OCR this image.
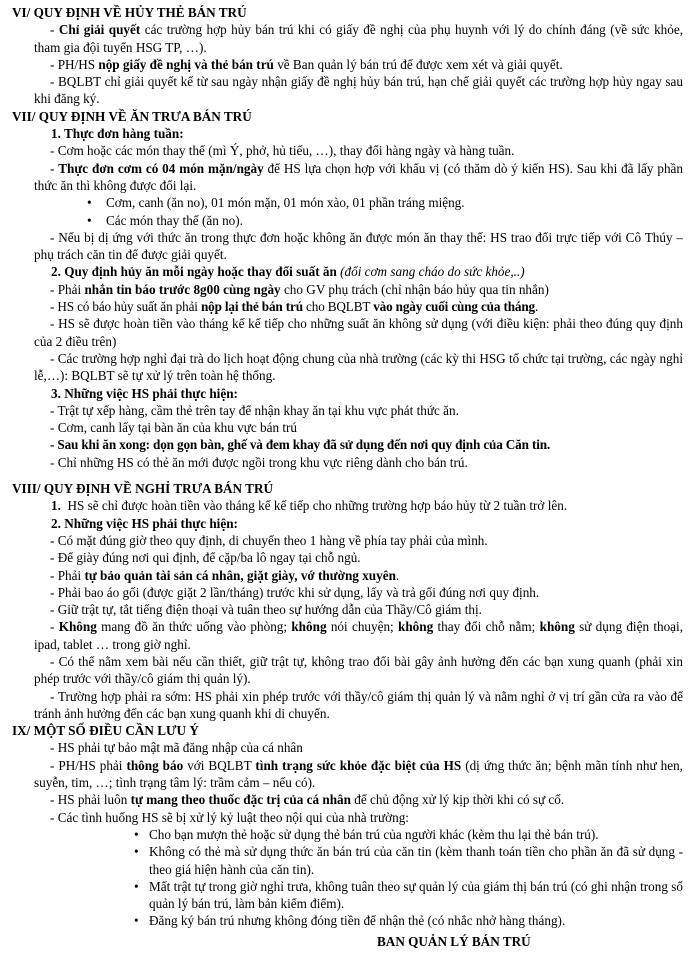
VI/ QUY ĐỊNH VỀ HỦY THẺ BÁN TRÚ
- Chỉ giải quyết các trường hợp hủy bán trú khi có giấy đề nghị của phụ huynh với lý do chính đáng (về sức khỏe, tham gia đội tuyển HSG TP, …).
- PH/HS nộp giấy đề nghị và thẻ bán trú về Ban quản lý bán trú để được xem xét và giải quyết.
- BQLBT chỉ giải quyết kể từ sau ngày nhận giấy đề nghị hủy bán trú, hạn chế giải quyết các trường hợp hủy ngay sau khi đăng ký.
VII/ QUY ĐỊNH VỀ ĂN TRƯA BÁN TRÚ
1. Thực đơn hàng tuần:
- Cơm hoặc các món thay thế (mì Ý, phở, hủ tiếu, …), thay đổi hàng ngày và hàng tuần.
- Thực đơn cơm có 04 món mặn/ngày để HS lựa chọn hợp với khẩu vị (có thăm dò ý kiến HS). Sau khi đã lấy phần thức ăn thì không được đổi lại.
• Cơm, canh (ăn no), 01 món mặn, 01 món xào, 01 phần tráng miệng.
• Các món thay thế (ăn no).
- Nếu bị dị ứng với thức ăn trong thực đơn hoặc không ăn được món ăn thay thế: HS trao đổi trực tiếp với Cô Thúy – phụ trách căn tin để được giải quyết.
2. Quy định hủy ăn mỗi ngày hoặc thay đổi suất ăn (đổi cơm sang cháo do sức khỏe,..)
- Phải nhắn tin báo trước 8g00 cùng ngày cho GV phụ trách (chỉ nhận báo hủy qua tin nhắn)
- HS có báo hủy suất ăn phải nộp lại thẻ bán trú cho BQLBT vào ngày cuối cùng của tháng.
- HS sẽ được hoàn tiền vào tháng kế kế tiếp cho những suất ăn không sử dụng (với điều kiện: phải theo đúng quy định của 2 điều trên)
- Các trường hợp nghỉ đại trà do lịch hoạt động chung của nhà trường (các kỳ thi HSG tổ chức tại trường, các ngày nghỉ lễ,…): BQLBT sẽ tự xử lý trên toàn hệ thống.
3. Những việc HS phải thực hiện:
- Trật tự xếp hàng, cầm thẻ trên tay để nhận khay ăn tại khu vực phát thức ăn.
- Cơm, canh lấy tại bàn ăn của khu vực bán trú
- Sau khi ăn xong: dọn gọn bàn, ghế và đem khay đã sử dụng đến nơi quy định của Căn tin.
- Chỉ những HS có thẻ ăn mới được ngồi trong khu vực riêng dành cho bán trú.
VIII/ QUY ĐỊNH VỀ NGHỈ TRƯA BÁN TRÚ
1. HS sẽ chỉ được hoàn tiền vào tháng kế kế tiếp cho những trường hợp báo hủy từ 2 tuần trở lên.
2. Những việc HS phải thực hiện:
- Có mặt đúng giờ theo quy định, di chuyển theo 1 hàng về phía tay phải của mình.
- Để giày đúng nơi qui định, để cặp/ba lô ngay tại chỗ ngủ.
- Phải tự bảo quản tài sản cá nhân, giặt giày, vớ thường xuyên.
- Phải bao áo gối (được giặt 2 lần/tháng) trước khi sử dụng, lấy và trả gối đúng nơi quy định.
- Giữ trật tự, tắt tiếng điện thoại và tuân theo sự hướng dẫn của Thầy/Cô giám thị.
- Không mang đồ ăn thức uống vào phòng; không nói chuyện; không thay đổi chỗ nằm; không sử dụng điện thoại, ipad, tablet … trong giờ nghỉ.
- Có thể nằm xem bài nếu cần thiết, giữ trật tự, không trao đổi bài gây ảnh hưởng đến các bạn xung quanh (phải xin phép trước với thầy/cô giám thị quản lý).
- Trường hợp phải ra sớm: HS phải xin phép trước với thầy/cô giám thị quản lý và nằm nghỉ ở vị trí gần cửa ra vào để tránh ảnh hưởng đến các bạn xung quanh khi di chuyển.
IX/ MỘT SỐ ĐIỀU CẦN LƯU Ý
- HS phải tự bảo mật mã đăng nhập của cá nhân
- PH/HS phải thông báo với BQLBT tình trạng sức khỏe đặc biệt của HS (dị ứng thức ăn; bệnh mãn tính như hen, suyễn, tim, …; tình trạng tâm lý: trầm cảm – nếu có).
- HS phải luôn tự mang theo thuốc đặc trị của cá nhân để chủ động xử lý kịp thời khi có sự cố.
- Các tình huống HS sẽ bị xử lý kỷ luật theo nội qui của nhà trường:
• Cho bạn mượn thẻ hoặc sử dụng thẻ bán trú của người khác (kèm thu lại thẻ bán trú).
• Không có thẻ mà sử dụng thức ăn bán trú của căn tin (kèm thanh toán tiền cho phần ăn đã sử dụng - theo giá hiện hành của căn tin).
• Mất trật tự trong giờ nghỉ trưa, không tuân theo sự quản lý của giám thị bán trú (có ghi nhận trong sổ quản lý bán trú, làm bản kiểm điểm).
• Đăng ký bán trú nhưng không đóng tiền để nhận thẻ (có nhắc nhở hàng tháng).
BAN QUẢN LÝ BÁN TRÚ
